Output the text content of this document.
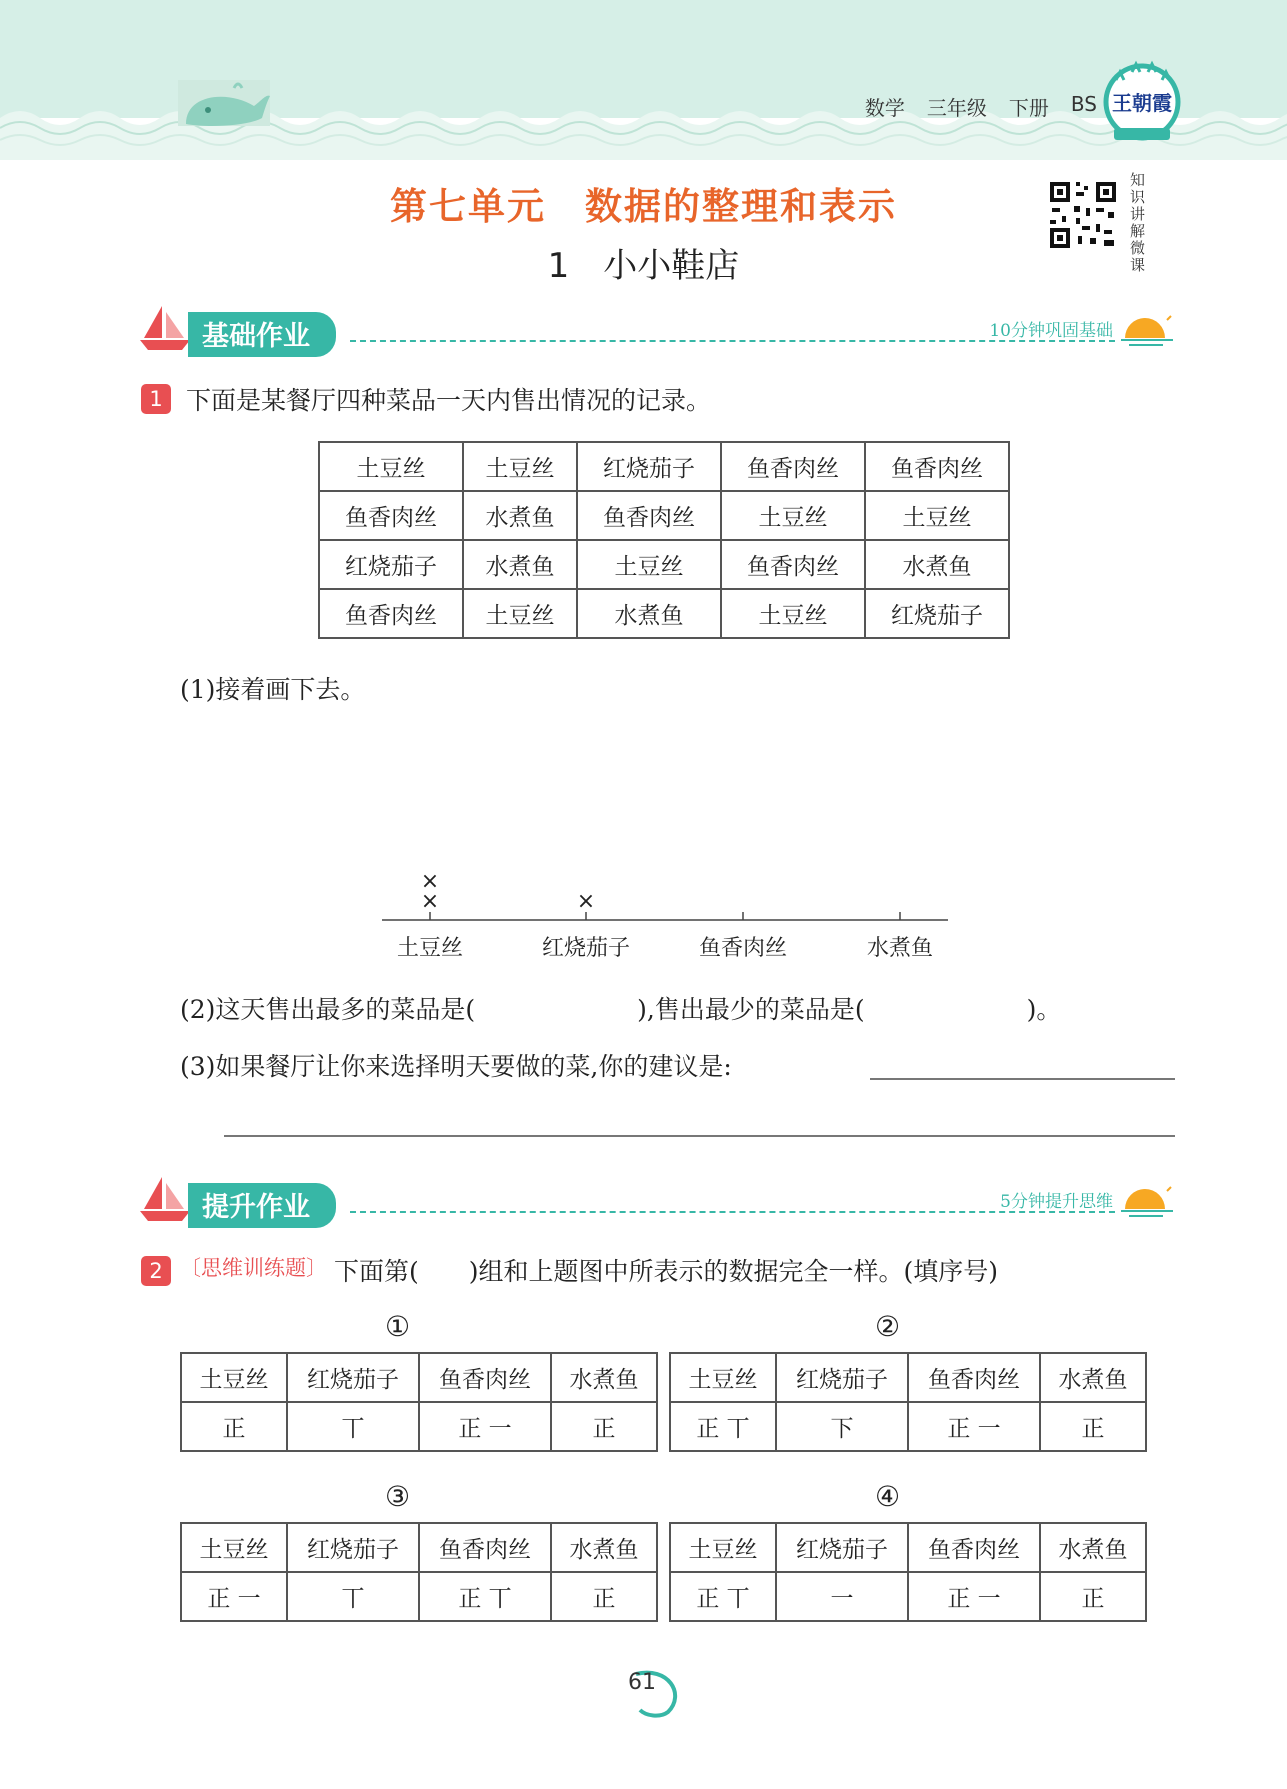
数学 三年级 下册 BS 王朝霞
第七单元　数据的整理和表示
1　小小鞋店
知
识
讲
解
微
课
基础作业	10分钟巩固基础
1 下面是某餐厅四种菜品一天内售出情况的记录。
土豆丝	土豆丝	红烧茄子	鱼香肉丝	鱼香肉丝
鱼香肉丝	水煮鱼	鱼香肉丝	土豆丝	土豆丝
红烧茄子	水煮鱼	土豆丝	鱼香肉丝	水煮鱼
鱼香肉丝	土豆丝	水煮鱼	土豆丝	红烧茄子
(1)接着画下去。
×
×
×
土豆丝	红烧茄子	鱼香肉丝	水煮鱼
(2)这天售出最多的菜品是(	),售出最少的菜品是(	)。
(3)如果餐厅让你来选择明天要做的菜,你的建议是:
提升作业	5分钟提升思维
2 〔思维训练题〕 下面第(　　)组和上题图中所表示的数据完全一样。(填序号)
①
土豆丝	红烧茄子	鱼香肉丝	水煮鱼
正	丅	正 一	正
②
土豆丝	红烧茄子	鱼香肉丝	水煮鱼
正 丅	下	正 一	正
③
土豆丝	红烧茄子	鱼香肉丝	水煮鱼
正 一	丅	正 丅	正
④
土豆丝	红烧茄子	鱼香肉丝	水煮鱼
正 丅	一	正 一	正
61
